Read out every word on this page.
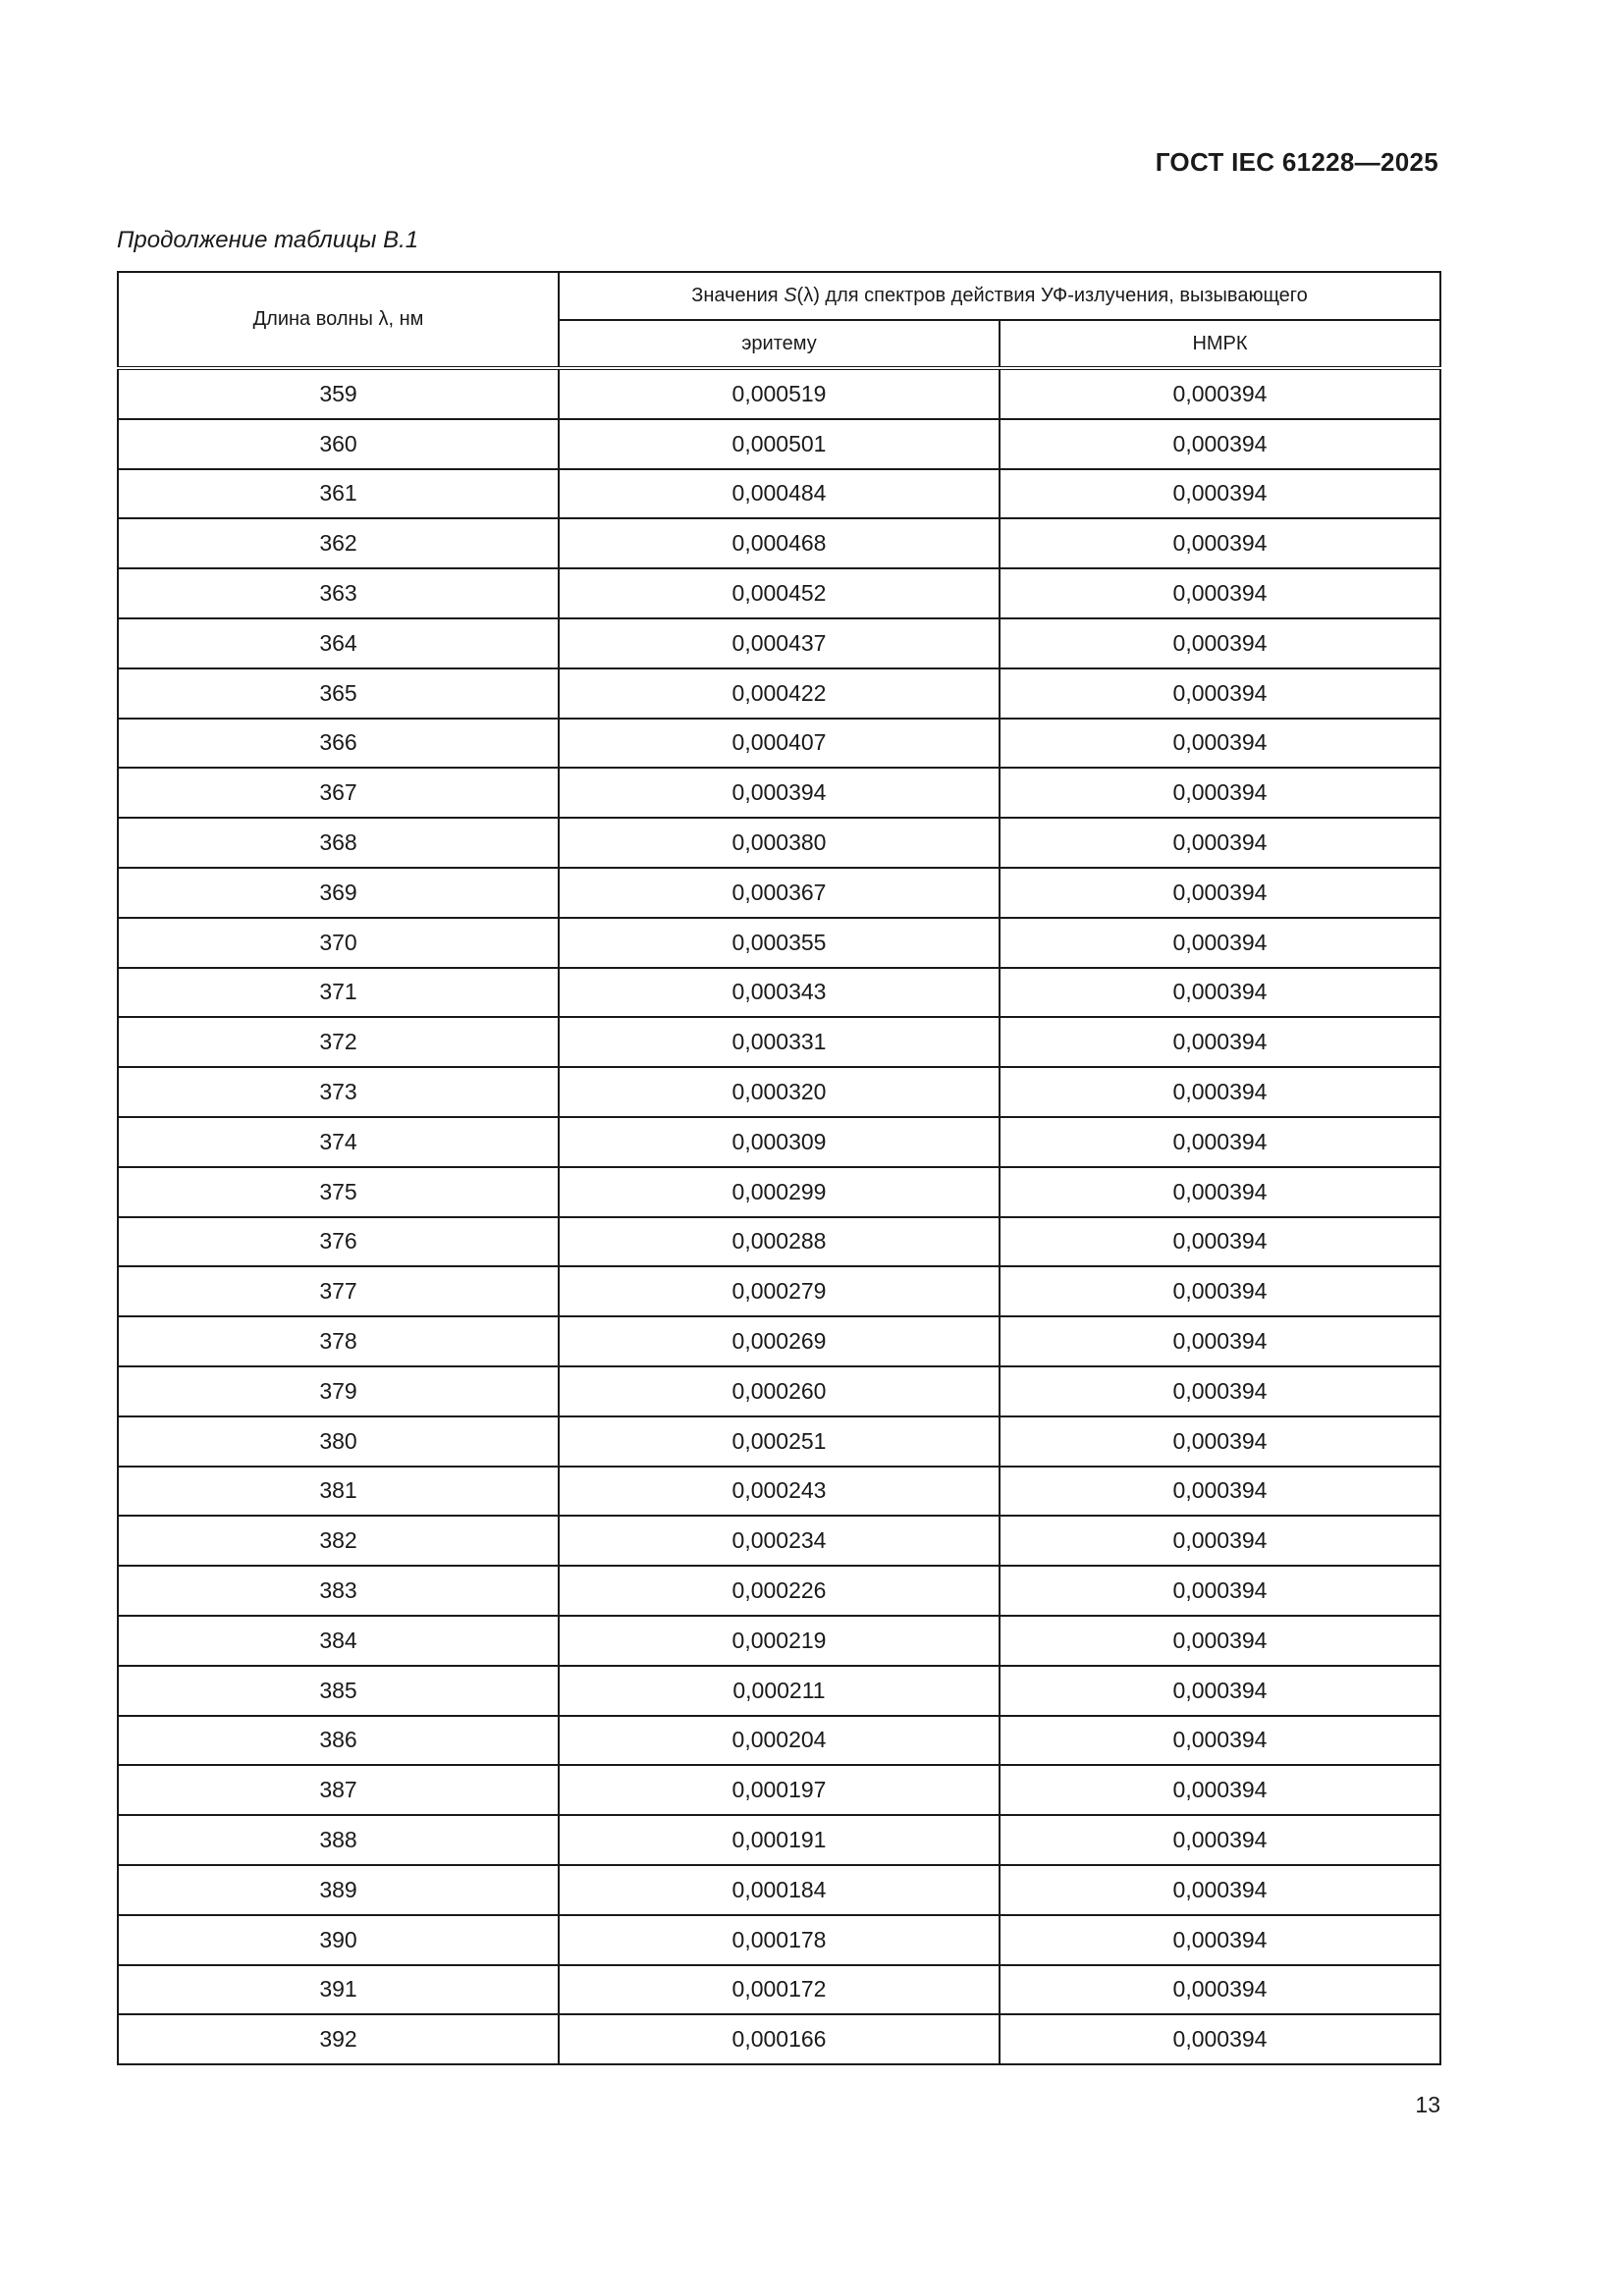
ГОСТ IEC 61228—2025
Продолжение таблицы В.1
Длина волны λ, нм	Значения S(λ) для спектров действия УФ-излучения, вызывающего	
	эритему	НМРК
359	0,000519	0,000394
360	0,000501	0,000394
361	0,000484	0,000394
362	0,000468	0,000394
363	0,000452	0,000394
364	0,000437	0,000394
365	0,000422	0,000394
366	0,000407	0,000394
367	0,000394	0,000394
368	0,000380	0,000394
369	0,000367	0,000394
370	0,000355	0,000394
371	0,000343	0,000394
372	0,000331	0,000394
373	0,000320	0,000394
374	0,000309	0,000394
375	0,000299	0,000394
376	0,000288	0,000394
377	0,000279	0,000394
378	0,000269	0,000394
379	0,000260	0,000394
380	0,000251	0,000394
381	0,000243	0,000394
382	0,000234	0,000394
383	0,000226	0,000394
384	0,000219	0,000394
385	0,000211	0,000394
386	0,000204	0,000394
387	0,000197	0,000394
388	0,000191	0,000394
389	0,000184	0,000394
390	0,000178	0,000394
391	0,000172	0,000394
392	0,000166	0,000394
13
